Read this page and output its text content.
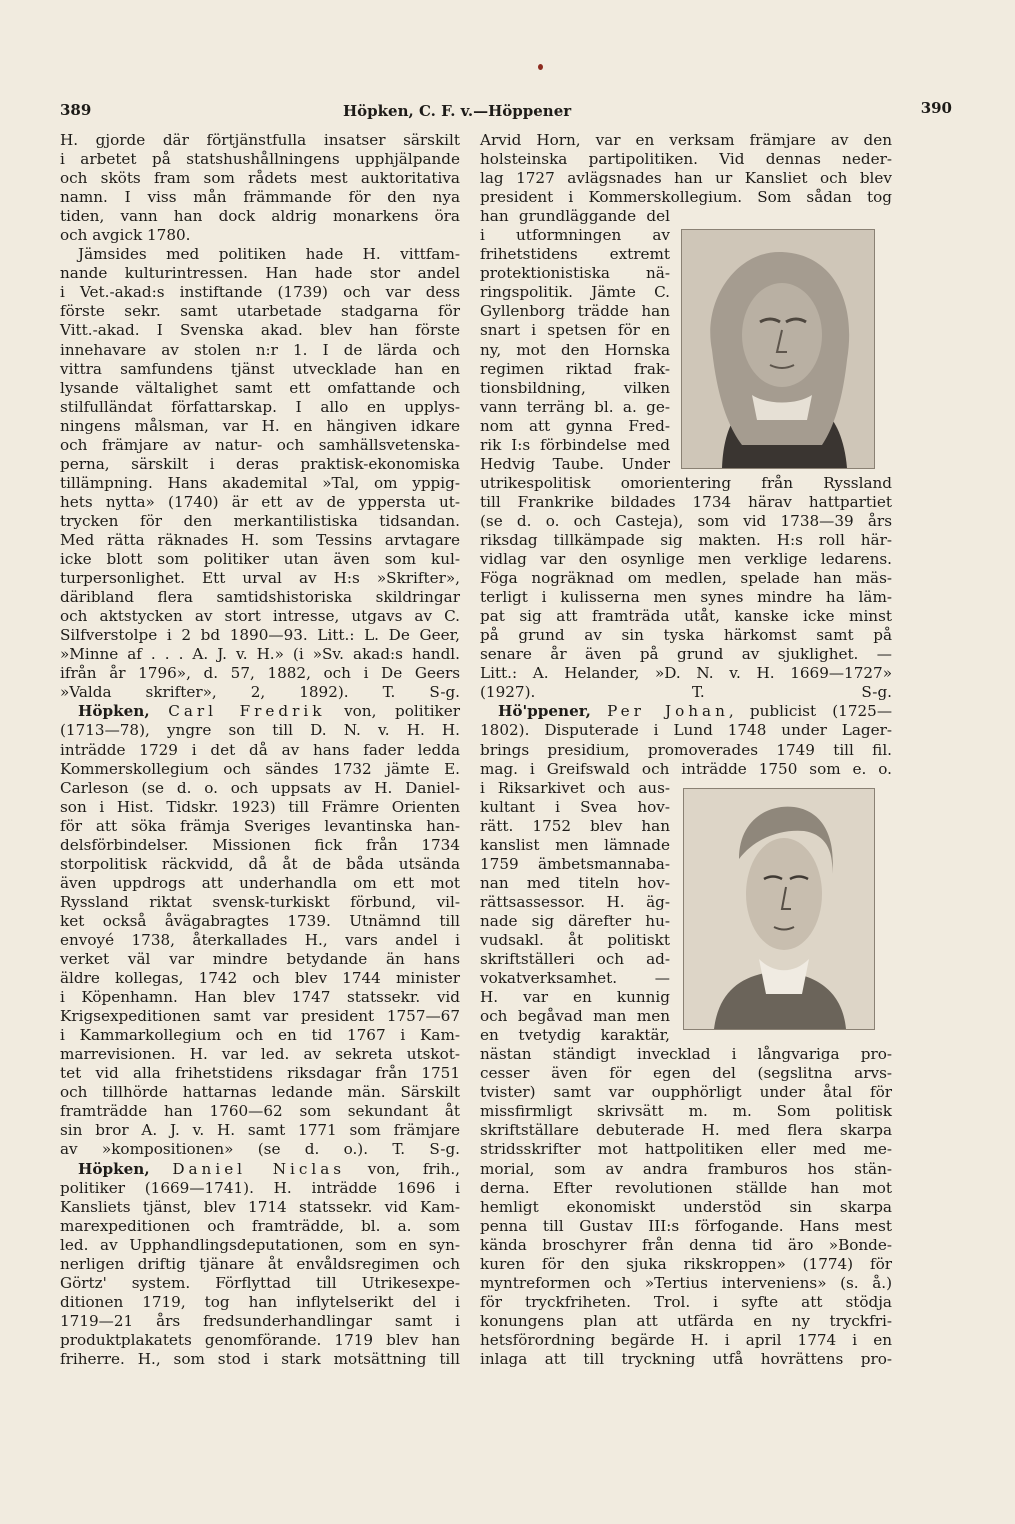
389	Höpken, C. F. v.—Höppener	390
H. gjorde där förtjänstfulla insatser särskilt
i arbetet på statshushållningens upphjälpande
och sköts fram som rådets mest auktoritativa
namn. I viss mån främmande för den nya
tiden, vann han dock aldrig monarkens öra
och avgick 1780.
Jämsides med politiken hade H. vittfam-
nande kulturintressen. Han hade stor andel
i Vet.-akad:s instiftande (1739) och var dess
förste sekr. samt utarbetade stadgarna för
Vitt.-akad. I Svenska akad. blev han förste
innehavare av stolen n:r 1. I de lärda och
vittra samfundens tjänst utvecklade han en
lysande vältalighet samt ett omfattande och
stilfulländat författarskap. I allo en upplys-
ningens målsman, var H. en hängiven idkare
och främjare av natur- och samhällsvetenska-
perna, särskilt i deras praktisk-ekonomiska
tillämpning. Hans akademital »Tal, om yppig-
hets nytta» (1740) är ett av de yppersta ut-
trycken för den merkantilistiska tidsandan.
Med rätta räknades H. som Tessins arvtagare
icke blott som politiker utan även som kul-
turpersonlighet. Ett urval av H:s »Skrifter»,
däribland flera samtidshistoriska skildringar
och aktstycken av stort intresse, utgavs av C.
Silfverstolpe i 2 bd 1890—93. Litt.: L. De Geer,
»Minne af . . . A. J. v. H.» (i »Sv. akad:s handl.
ifrån år 1796», d. 57, 1882, och i De Geers
»Valda skrifter», 2, 1892). T. S-g.
Höpken, Carl Fredrik von, politiker
(1713—78), yngre son till D. N. v. H. H.
inträdde 1729 i det då av hans fader ledda
Kommerskollegium och sändes 1732 jämte E.
Carleson (se d. o. och uppsats av H. Daniel-
son i Hist. Tidskr. 1923) till Främre Orienten
för att söka främja Sveriges levantinska han-
delsförbindelser. Missionen fick från 1734
storpolitisk räckvidd, då åt de båda utsända
även uppdrogs att underhandla om ett mot
Ryssland riktat svensk-turkiskt förbund, vil-
ket också åvägabragtes 1739. Utnämnd till
envoyé 1738, återkallades H., vars andel i
verket väl var mindre betydande än hans
äldre kollegas, 1742 och blev 1744 minister
i Köpenhamn. Han blev 1747 statssekr. vid
Krigsexpeditionen samt var president 1757—67
i Kammarkollegium och en tid 1767 i Kam-
marrevisionen. H. var led. av sekreta utskot-
tet vid alla frihetstidens riksdagar från 1751
och tillhörde hattarnas ledande män. Särskilt
framträdde han 1760—62 som sekundant åt
sin bror A. J. v. H. samt 1771 som främjare
av »kompositionen» (se d. o.). T. S-g.
Höpken, Daniel Niclas von, frih.,
politiker (1669—1741). H. inträdde 1696 i
Kansliets tjänst, blev 1714 statssekr. vid Kam-
marexpeditionen och framträdde, bl. a. som
led. av Upphandlingsdeputationen, som en syn-
nerligen driftig tjänare åt envåldsregimen och
Görtz' system. Förflyttad till Utrikesexpe-
ditionen 1719, tog han inflytelserikt del i
1719—21 års fredsunderhandlingar samt i
produktplakatets genomförande. 1719 blev han
friherre. H., som stod i stark motsättning till
Arvid Horn, var en verksam främjare av den
holsteinska partipolitiken. Vid dennas neder-
lag 1727 avlägsnades han ur Kansliet och blev
president i Kommerskollegium. Som sådan tog
han grundläggande del
i utformningen av
frihetstidens extremt
protektionistiska nä-
ringspolitik. Jämte C.
Gyllenborg trädde han
snart i spetsen för en
ny, mot den Hornska
regimen riktad frak-
tionsbildning, vilken
vann terräng bl. a. ge-
nom att gynna Fred-
rik I:s förbindelse med
Hedvig Taube. Under
utrikespolitisk omorientering från Ryssland
till Frankrike bildades 1734 härav hattpartiet
(se d. o. och Casteja), som vid 1738—39 års
riksdag tillkämpade sig makten. H:s roll här-
vidlag var den osynlige men verklige ledarens.
Föga nogräknad om medlen, spelade han mäs-
terligt i kulisserna men synes mindre ha läm-
pat sig att framträda utåt, kanske icke minst
på grund av sin tyska härkomst samt på
senare år även på grund av sjuklighet. —
Litt.: A. Helander, »D. N. v. H. 1669—1727»
(1927).	T. S-g.
Hö'ppener, Per Johan, publicist (1725—
1802). Disputerade i Lund 1748 under Lager-
brings presidium, promoverades 1749 till fil.
mag. i Greifswald och inträdde 1750 som e. o.
i Riksarkivet och aus-
kultant i Svea hov-
rätt. 1752 blev han
kanslist men lämnade
1759 ämbetsmannaba-
nan med titeln hov-
rättsassessor. H. äg-
nade sig därefter hu-
vudsakl. åt politiskt
skriftställeri och ad-
vokatverksamhet. —
H. var en kunnig
och begåvad man men
en tvetydig karaktär,
nästan ständigt invecklad i långvariga pro-
cesser även för egen del (segslitna arvs-
tvister) samt var oupphörligt under åtal för
missfirmligt skrivsätt m. m. Som politisk
skriftställare debuterade H. med flera skarpa
stridsskrifter mot hattpolitiken eller med me-
morial, som av andra framburos hos stän-
derna. Efter revolutionen ställde han mot
hemligt ekonomiskt understöd sin skarpa
penna till Gustav III:s förfogande. Hans mest
kända broschyrer från denna tid äro »Bonde-
kuren för den sjuka rikskroppen» (1774) för
myntreformen och »Tertius interveniens» (s. å.)
för tryckfriheten. Trol. i syfte att stödja
konungens plan att utfärda en ny tryckfri-
hetsförordning begärde H. i april 1774 i en
inlaga att till tryckning utfå hovrättens pro-
